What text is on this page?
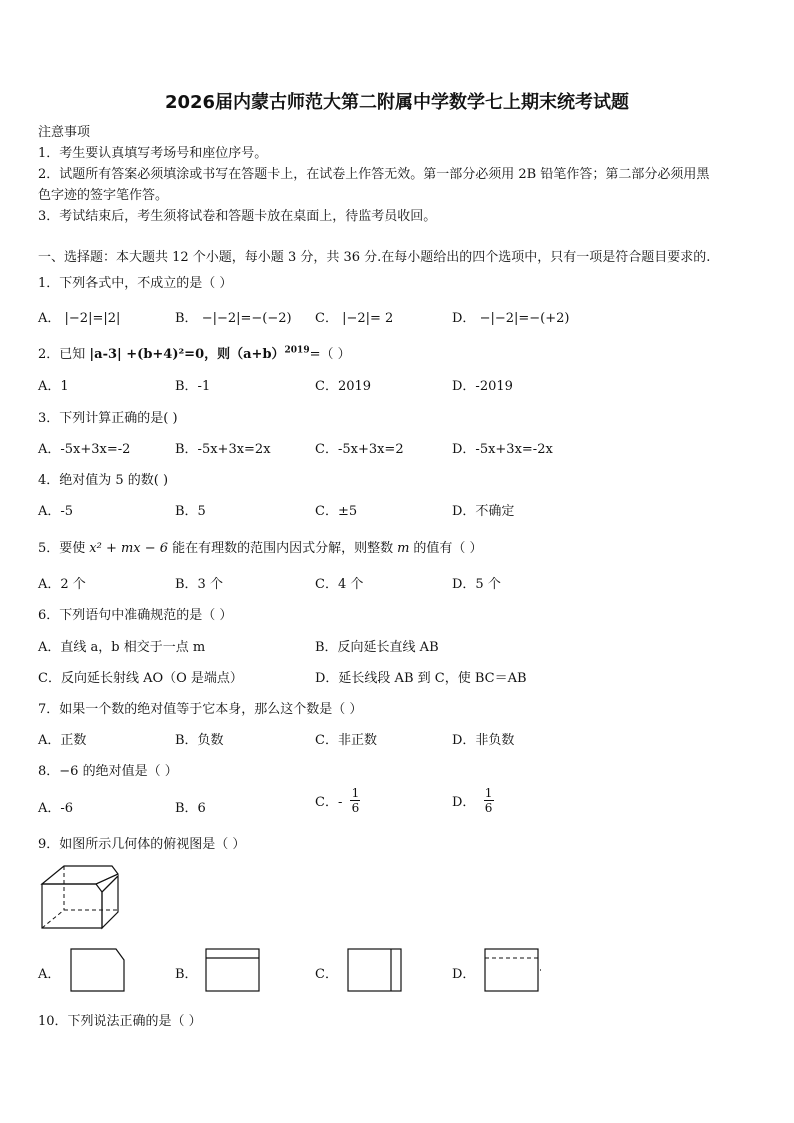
2026届内蒙古师范大第二附属中学数学七上期末统考试题
注意事项
1．考生要认真填写考场号和座位序号。
2．试题所有答案必须填涂或书写在答题卡上，在试卷上作答无效。第一部分必须用 2B 铅笔作答；第二部分必须用黑
色字迹的签字笔作答。
3．考试结束后，考生须将试卷和答题卡放在桌面上，待监考员收回。
一、选择题：本大题共 12 个小题，每小题 3 分，共 36 分.在每小题给出的四个选项中，只有一项是符合题目要求的.
1．下列各式中，不成立的是（ ）
A． |−2|=|2|	B． −|−2|=−(−2) C． |−2|= 2	D． −|−2|=−(+2)
2．已知 |a-3| +(b+4)²=0，则$(a+b)^{2019}=$（ ）
A．1	B．-1	C．2019	D．-2019
3．下列计算正确的是( )
A．-5x+3x=-2	B．-5x+3x=2x	C．-5x+3x=2	D．-5x+3x=-2x
4．绝对值为 5 的数( )
A．-5	B．5	C．±5	D．不确定
5．要使 x² + mx − 6 能在有理数的范围内因式分解，则整数 m 的值有（ ）
A．2 个	B．3 个	C．4 个	D．5 个
6．下列语句中准确规范的是（ ）
A．直线 a，b 相交于一点 m	B．反向延长直线 AB
C．反向延长射线 AO（O 是端点）	D．延长线段 AB 到 C，使 BC＝AB
7．如果一个数的绝对值等于它本身，那么这个数是（ ）
A．正数	B．负数	C．非正数	D．非负数
8．−6 的绝对值是（ ）
A．-6	B．6	C．- $\frac{1}{6}$	D． $\frac{1}{6}$
9．如图所示几何体的俯视图是（ ）
A．	B．	C．	D．
10．下列说法正确的是（ ）
